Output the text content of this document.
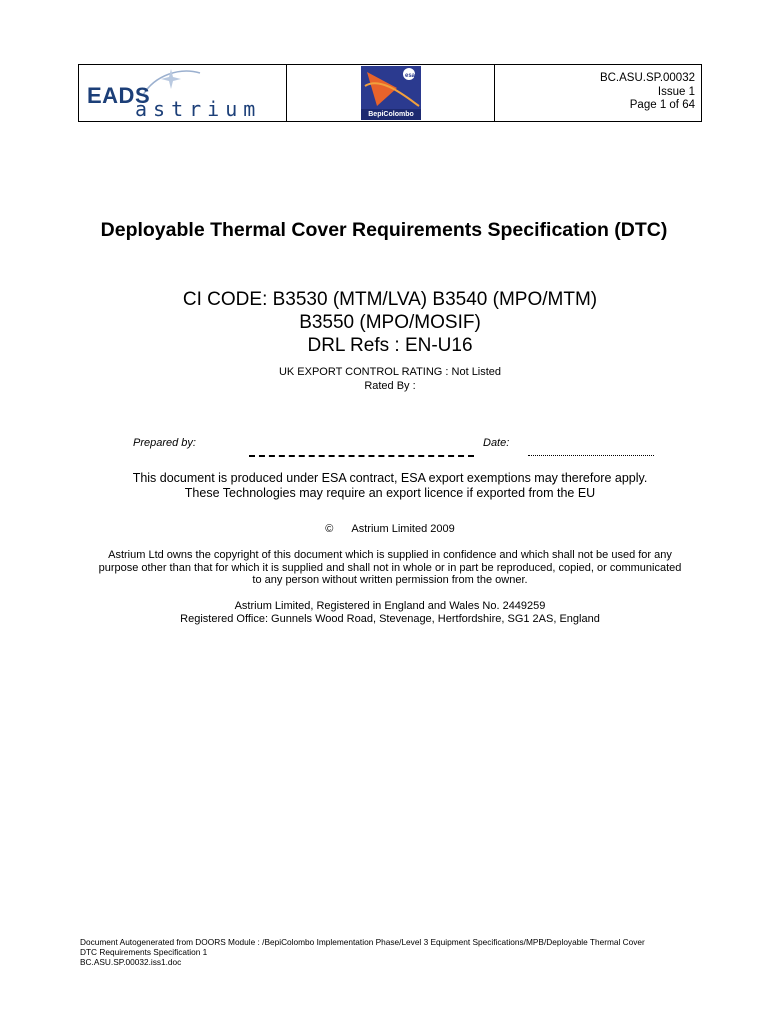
EADS
astrium
esa
BepiColombo
BC.ASU.SP.00032
Issue 1
Page 1 of 64
Deployable Thermal Cover Requirements Specification (DTC)
CI CODE: B3530 (MTM/LVA) B3540 (MPO/MTM)
B3550 (MPO/MOSIF)
DRL Refs : EN-U16
UK EXPORT CONTROL RATING : Not Listed
Rated By :
Prepared by:	Date:
This document is produced under ESA contract, ESA export exemptions may therefore apply.
These Technologies may require an export licence if exported from the EU
© Astrium Limited 2009
Astrium Ltd owns the copyright of this document which is supplied in confidence and which shall not be used for any
purpose other than that for which it is supplied and shall not in whole or in part be reproduced, copied, or communicated
to any person without written permission from the owner.
Astrium Limited, Registered in England and Wales No. 2449259
Registered Office: Gunnels Wood Road, Stevenage, Hertfordshire, SG1 2AS, England
Document Autogenerated from DOORS Module : /BepiColombo Implementation Phase/Level 3 Equipment Specifications/MPB/Deployable Thermal Cover
DTC Requirements Specification 1
BC.ASU.SP.00032.iss1.doc
